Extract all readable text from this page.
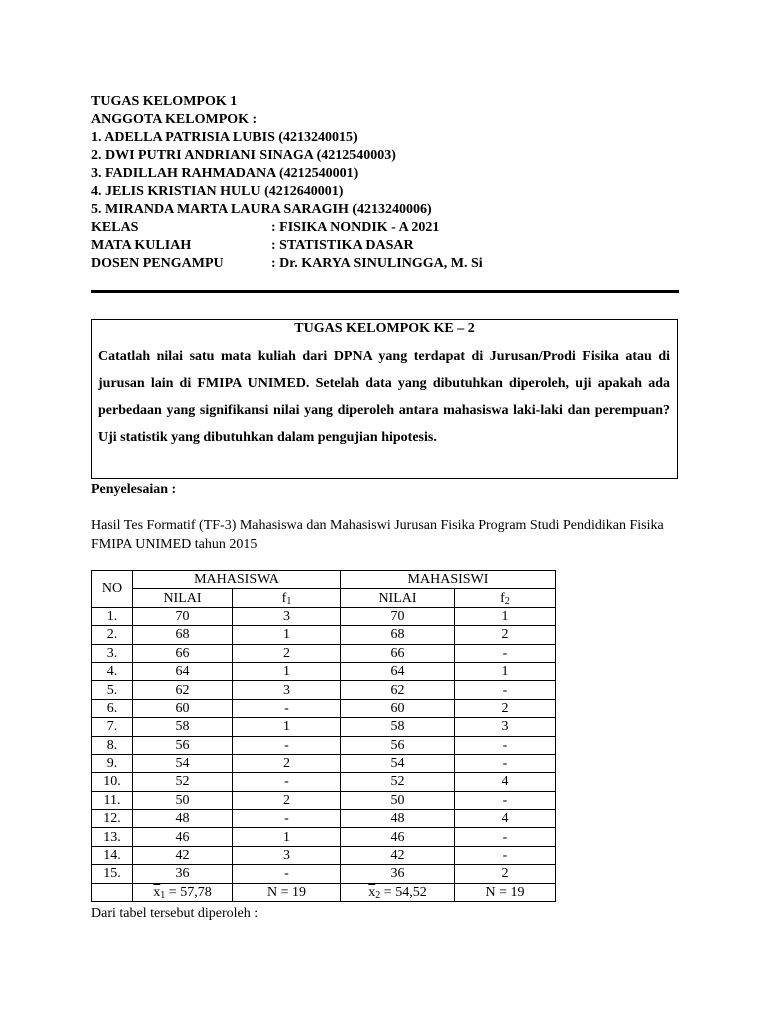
TUGAS KELOMPOK 1
ANGGOTA KELOMPOK :
1. ADELLA PATRISIA LUBIS (4213240015)
2. DWI PUTRI ANDRIANI SINAGA (4212540003)
3. FADILLAH RAHMADANA (4212540001)
4. JELIS KRISTIAN HULU (4212640001)
5. MIRANDA MARTA LAURA SARAGIH (4213240006)
KELAS	: FISIKA NONDIK - A 2021
MATA KULIAH	: STATISTIKA DASAR
DOSEN PENGAMPU	: Dr. KARYA SINULINGGA, M. Si
TUGAS KELOMPOK KE – 2
Catatlah nilai satu mata kuliah dari DPNA yang terdapat di Jurusan/Prodi Fisika atau di jurusan lain di FMIPA UNIMED. Setelah data yang dibutuhkan diperoleh, uji apakah ada perbedaan yang signifikansi nilai yang diperoleh antara mahasiswa laki-laki dan perempuan? Uji statistik yang dibutuhkan dalam pengujian hipotesis.
Penyelesaian :
Hasil Tes Formatif (TF-3) Mahasiswa dan Mahasiswi Jurusan Fisika Program Studi Pendidikan Fisika FMIPA UNIMED tahun 2015
NO	MAHASISWA		MAHASISWI	
	NILAI	$f_1$	NILAI	$f_2$
1.	70	3	70	1
2.	68	1	68	2
3.	66	2	66	-
4.	64	1	64	1
5.	62	3	62	-
6.	60	-	60	2
7.	58	1	58	3
8.	56	-	56	-
9.	54	2	54	-
10.	52	-	52	4
11.	50	2	50	-
12.	48	-	48	4
13.	46	1	46	-
14.	42	3	42	-
15.	36	-	36	2
	$\overline{x}_1 = 57,78$	N = 19	$\overline{x}_2 = 54,52$	N = 19
Dari tabel tersebut diperoleh :
